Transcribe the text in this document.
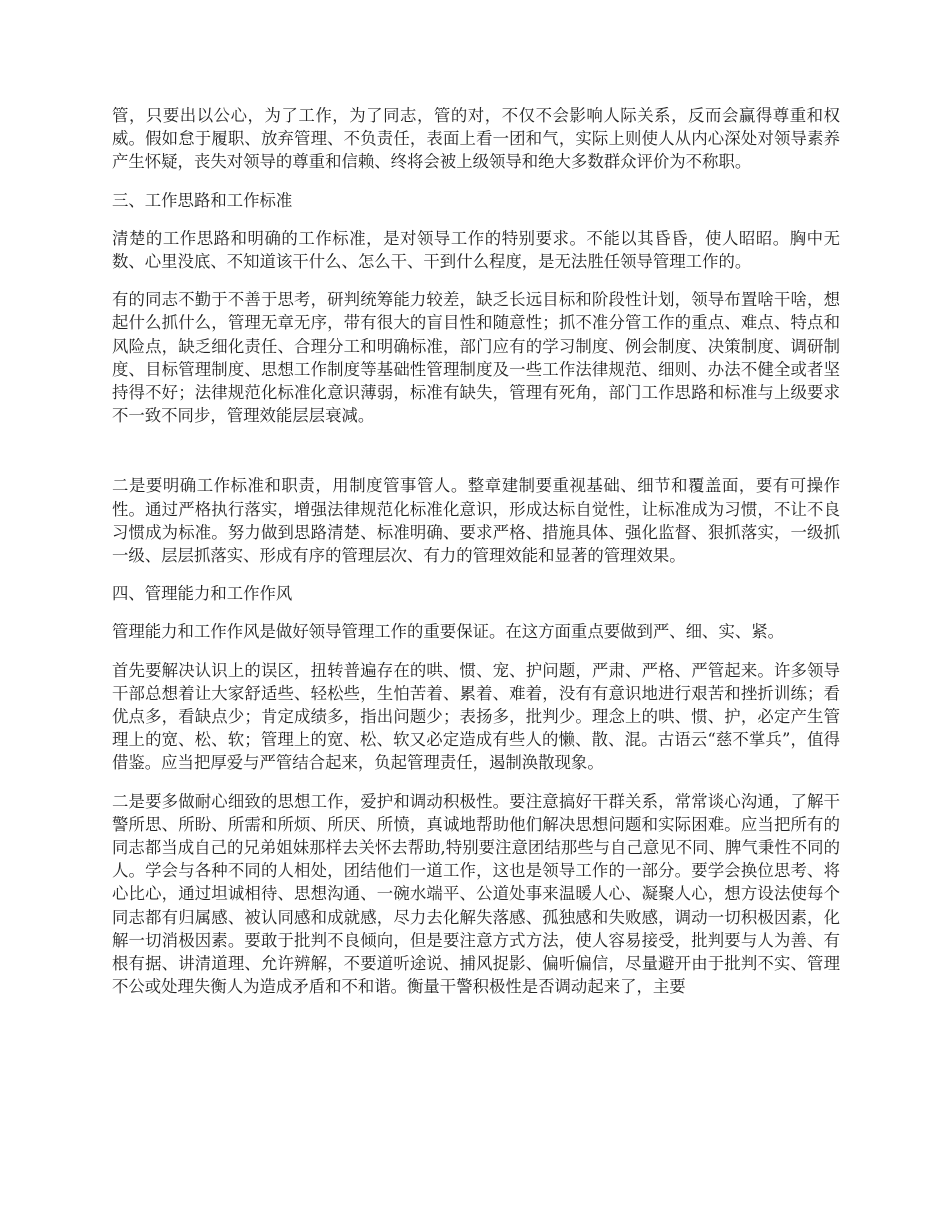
管，只要出以公心，为了工作，为了同志，管的对，不仅不会影响人际关系，反而会赢得尊重和权威。假如怠于履职、放弃管理、不负责任，表面上看一团和气，实际上则使人从内心深处对领导素养产生怀疑，丧失对领导的尊重和信赖、终将会被上级领导和绝大多数群众评价为不称职。

三、工作思路和工作标准

清楚的工作思路和明确的工作标准，是对领导工作的特别要求。不能以其昏昏，使人昭昭。胸中无数、心里没底、不知道该干什么、怎么干、干到什么程度，是无法胜任领导管理工作的。

有的同志不勤于不善于思考，研判统筹能力较差，缺乏长远目标和阶段性计划，领导布置啥干啥，想起什么抓什么，管理无章无序，带有很大的盲目性和随意性；抓不准分管工作的重点、难点、特点和风险点，缺乏细化责任、合理分工和明确标准，部门应有的学习制度、例会制度、决策制度、调研制度、目标管理制度、思想工作制度等基础性管理制度及一些工作法律规范、细则、办法不健全或者坚持得不好；法律规范化标准化意识薄弱，标准有缺失，管理有死角，部门工作思路和标准与上级要求不一致不同步，管理效能层层衰减。

二是要明确工作标准和职责，用制度管事管人。整章建制要重视基础、细节和覆盖面，要有可操作性。通过严格执行落实，增强法律规范化标准化意识，形成达标自觉性，让标准成为习惯，不让不良习惯成为标准。努力做到思路清楚、标准明确、要求严格、措施具体、强化监督、狠抓落实，一级抓一级、层层抓落实、形成有序的管理层次、有力的管理效能和显著的管理效果。

四、管理能力和工作作风

管理能力和工作作风是做好领导管理工作的重要保证。在这方面重点要做到严、细、实、紧。

首先要解决认识上的误区，扭转普遍存在的哄、惯、宠、护问题，严肃、严格、严管起来。许多领导干部总想着让大家舒适些、轻松些，生怕苦着、累着、难着，没有有意识地进行艰苦和挫折训练；看优点多，看缺点少；肯定成绩多，指出问题少；表扬多，批判少。理念上的哄、惯、护，必定产生管理上的宽、松、软；管理上的宽、松、软又必定造成有些人的懒、散、混。古语云“慈不掌兵”，值得借鉴。应当把厚爱与严管结合起来，负起管理责任，遏制涣散现象。

二是要多做耐心细致的思想工作，爱护和调动积极性。要注意搞好干群关系，常常谈心沟通，了解干警所思、所盼、所需和所烦、所厌、所愤，真诚地帮助他们解决思想问题和实际困难。应当把所有的同志都当成自己的兄弟姐妹那样去关怀去帮助,特别要注意团结那些与自己意见不同、脾气秉性不同的人。学会与各种不同的人相处，团结他们一道工作，这也是领导工作的一部分。要学会换位思考、将心比心，通过坦诚相待、思想沟通、一碗水端平、公道处事来温暖人心、凝聚人心，想方设法使每个同志都有归属感、被认同感和成就感，尽力去化解失落感、孤独感和失败感，调动一切积极因素，化解一切消极因素。要敢于批判不良倾向，但是要注意方式方法，使人容易接受，批判要与人为善、有根有据、讲清道理、允许辨解，不要道听途说、捕风捉影、偏听偏信，尽量避开由于批判不实、管理不公或处理失衡人为造成矛盾和不和谐。衡量干警积极性是否调动起来了，主要
